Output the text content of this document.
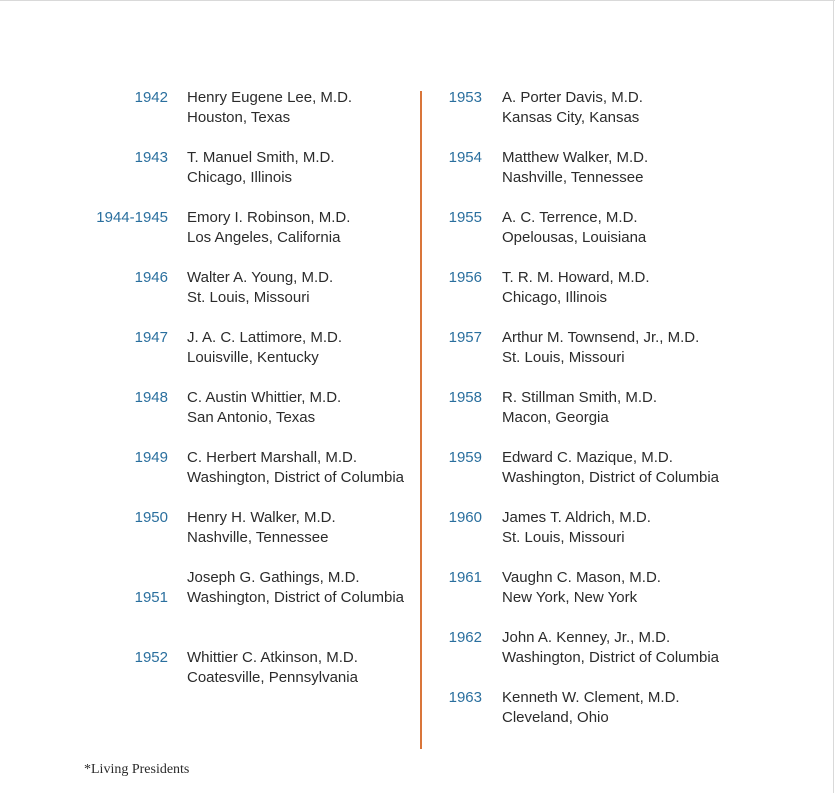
1942 Henry Eugene Lee, M.D.
Houston, Texas
1943 T. Manuel Smith, M.D.
Chicago, Illinois
1944-1945 Emory I. Robinson, M.D.
Los Angeles, California
1946 Walter A. Young, M.D.
St. Louis, Missouri
1947 J. A. C. Lattimore, M.D.
Louisville, Kentucky
1948 C. Austin Whittier, M.D.
San Antonio, Texas
1949 C. Herbert Marshall, M.D.
Washington, District of Columbia
1950 Henry H. Walker, M.D.
Nashville, Tennessee
1951
Joseph G. Gathings, M.D.
Washington, District of Columbia
1952 Whittier C. Atkinson, M.D.
Coatesville, Pennsylvania
1953 A. Porter Davis, M.D.
Kansas City, Kansas
1954 Matthew Walker, M.D.
Nashville, Tennessee
1955 A. C. Terrence, M.D.
Opelousas, Louisiana
1956 T. R. M. Howard, M.D.
Chicago, Illinois
1957 Arthur M. Townsend, Jr., M.D.
St. Louis, Missouri
1958 R. Stillman Smith, M.D.
Macon, Georgia
1959 Edward C. Mazique, M.D.
Washington, District of Columbia
1960 James T. Aldrich, M.D.
St. Louis, Missouri
1961 Vaughn C. Mason, M.D.
New York, New York
1962 John A. Kenney, Jr., M.D.
Washington, District of Columbia
1963 Kenneth W. Clement, M.D.
Cleveland, Ohio
*Living Presidents
